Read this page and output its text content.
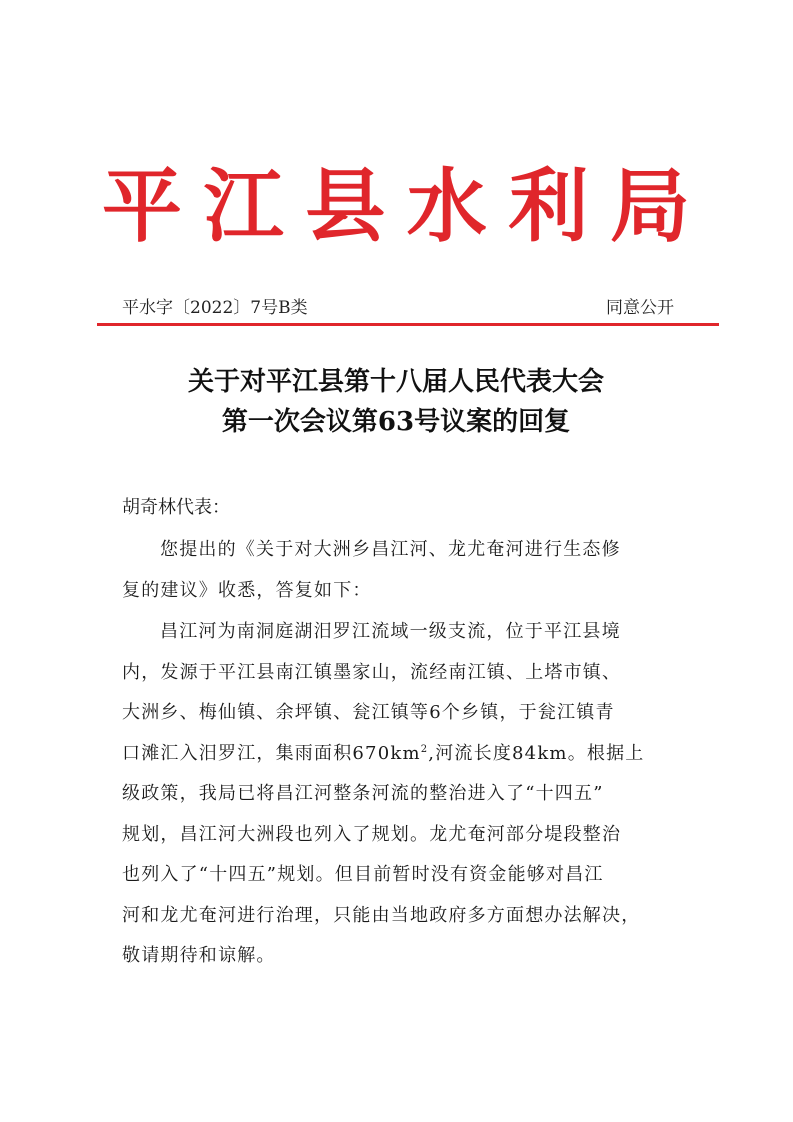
平 江 县 水 利 局
平水字〔2022〕7号B类	同意公开
关于对平江县第十八届人民代表大会
第一次会议第63号议案的回复
胡奇林代表：
您提出的《关于对大洲乡昌江河、龙尤奄河进行生态修
复的建议》收悉，答复如下：
昌江河为南洞庭湖汨罗江流域一级支流，位于平江县境
内，发源于平江县南江镇墨家山，流经南江镇、上塔市镇、
大洲乡、梅仙镇、余坪镇、瓮江镇等6个乡镇，于瓮江镇青
口滩汇入汨罗江，集雨面积$670km^2$,河流长度84km。根据上
级政策，我局已将昌江河整条河流的整治进入了“十四五”
规划，昌江河大洲段也列入了规划。龙尤奄河部分堤段整治
也列入了“十四五”规划。但目前暂时没有资金能够对昌江
河和龙尤奄河进行治理，只能由当地政府多方面想办法解决，
敬请期待和谅解。
